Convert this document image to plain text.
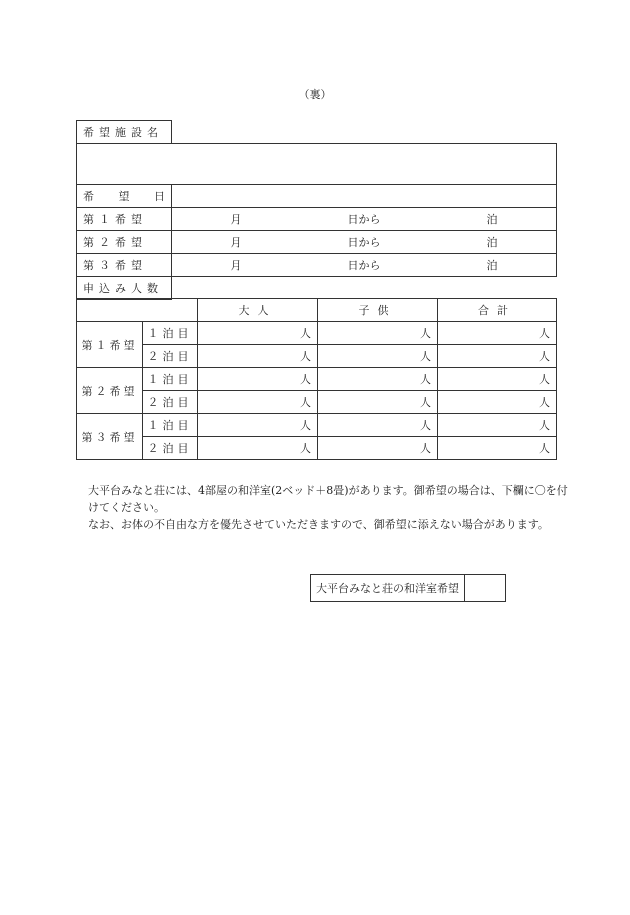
（裏）
希望施設名	

希 望 日	

第１希望	月 日から 泊

第２希望	月 日から 泊

第３希望	月 日から 泊

申込み人数	
		大人	子供	合計
第１希望	１泊目	人	人	人
	２泊目	人	人	人
第２希望	１泊目	人	人	人
	２泊目	人	人	人
第３希望	１泊目	人	人	人
	２泊目	人	人	人
大平台みなと荘には、4部屋の和洋室(2ベッド＋8畳)があります。御希望の場合は、下欄に〇を付けてください。
なお、お体の不自由な方を優先させていただきますので、御希望に添えない場合があります。
大平台みなと荘の和洋室希望	
